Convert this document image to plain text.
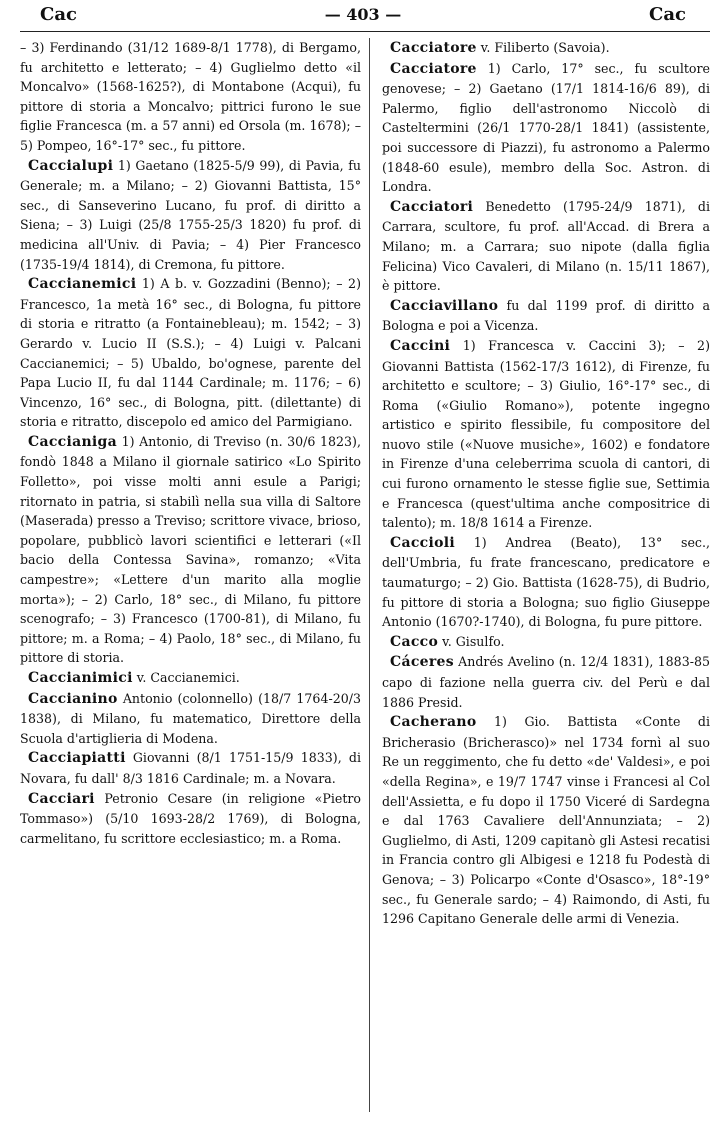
Cac	— 403 —	Cac

– 3) Ferdinando (31/12 1689-8/1 1778), di Bergamo, fu architetto e letterato; – 4) Guglielmo detto «il Moncalvo» (1568-1625?), di Montabone (Acqui), fu pittore di storia a Moncalvo; pittrici furono le sue figlie Francesca (m. a 57 anni) ed Orsola (m. 1678); – 5) Pompeo, 16°-17° sec., fu pittore.

Caccialupi 1) Gaetano (1825-5/9 99), di Pavia, fu Generale; m. a Milano; – 2) Giovanni Battista, 15° sec., di Sanseverino Lucano, fu prof. di diritto a Siena; – 3) Luigi (25/8 1755-25/3 1820) fu prof. di medicina all'Univ. di Pavia; – 4) Pier Francesco (1735-19/4 1814), di Cremona, fu pittore.

Caccianemici 1) A b. v. Gozzadini (Benno); – 2) Francesco, 1a metà 16° sec., di Bologna, fu pittore di storia e ritratto (a Fontainebleau); m. 1542; – 3) Gerardo v. Lucio II (S.S.); – 4) Luigi v. Palcani Caccianemici; – 5) Ubaldo, bo'ognese, parente del Papa Lucio II, fu dal 1144 Cardinale; m. 1176; – 6) Vincenzo, 16° sec., di Bologna, pitt. (dilettante) di storia e ritratto, discepolo ed amico del Parmigiano.

Caccianiga 1) Antonio, di Treviso (n. 30/6 1823), fondò 1848 a Milano il giornale satirico «Lo Spirito Folletto», poi visse molti anni esule a Parigi; ritornato in patria, si stabilì nella sua villa di Saltore (Maserada) presso a Treviso; scrittore vivace, brioso, popolare, pubblicò lavori scientifici e letterari («Il bacio della Contessa Savina», romanzo; «Vita campestre»; «Lettere d'un marito alla moglie morta»); – 2) Carlo, 18° sec., di Milano, fu pittore scenografo; – 3) Francesco (1700-81), di Milano, fu pittore; m. a Roma; – 4) Paolo, 18° sec., di Milano, fu pittore di storia.

Caccianimici v. Caccianemici.

Caccianino Antonio (colonnello) (18/7 1764-20/3 1838), di Milano, fu matematico, Direttore della Scuola d'artiglieria di Modena.

Cacciapiatti Giovanni (8/1 1751-15/9 1833), di Novara, fu dall' 8/3 1816 Cardinale; m. a Novara.

Cacciari Petronio Cesare (in religione «Pietro Tommaso») (5/10 1693-28/2 1769), di Bologna, carmelitano, fu scrittore ecclesiastico; m. a Roma.

Cacciatore v. Filiberto (Savoia).

Cacciatore 1) Carlo, 17° sec., fu scultore genovese; – 2) Gaetano (17/1 1814-16/6 89), di Palermo, figlio dell'astronomo Niccolò di Casteltermini (26/1 1770-28/1 1841) (assistente, poi successore di Piazzi), fu astronomo a Palermo (1848-60 esule), membro della Soc. Astron. di Londra.

Cacciatori Benedetto (1795-24/9 1871), di Carrara, scultore, fu prof. all'Accad. di Brera a Milano; m. a Carrara; suo nipote (dalla figlia Felicina) Vico Cavaleri, di Milano (n. 15/11 1867), è pittore.

Cacciavillano fu dal 1199 prof. di diritto a Bologna e poi a Vicenza.

Caccini 1) Francesca v. Caccini 3); – 2) Giovanni Battista (1562-17/3 1612), di Firenze, fu architetto e scultore; – 3) Giulio, 16°-17° sec., di Roma («Giulio Romano»), potente ingegno artistico e spirito flessibile, fu compositore del nuovo stile («Nuove musiche», 1602) e fondatore in Firenze d'una celeberrima scuola di cantori, di cui furono ornamento le stesse figlie sue, Settimia e Francesca (quest'ultima anche compositrice di talento); m. 18/8 1614 a Firenze.

Caccioli 1) Andrea (Beato), 13° sec., dell'Umbria, fu frate francescano, predicatore e taumaturgo; – 2) Gio. Battista (1628-75), di Budrio, fu pittore di storia a Bologna; suo figlio Giuseppe Antonio (1670?-1740), di Bologna, fu pure pittore.

Cacco v. Gisulfo.

Cáceres Andrés Avelino (n. 12/4 1831), 1883-85 capo di fazione nella guerra civ. del Perù e dal 1886 Presid.

Cacherano 1) Gio. Battista «Conte di Bricherasio (Bricherasco)» nel 1734 fornì al suo Re un reggimento, che fu detto «de' Valdesi», e poi «della Regina», e 19/7 1747 vinse i Francesi al Col dell'Assietta, e fu dopo il 1750 Viceré di Sardegna e dal 1763 Cavaliere dell'Annunziata; – 2) Guglielmo, di Asti, 1209 capitanò gli Astesi recatisi in Francia contro gli Albigesi e 1218 fu Podestà di Genova; – 3) Policarpo «Conte d'Osasco», 18°-19° sec., fu Generale sardo; – 4) Raimondo, di Asti, fu 1296 Capitano Generale delle armi di Venezia.
